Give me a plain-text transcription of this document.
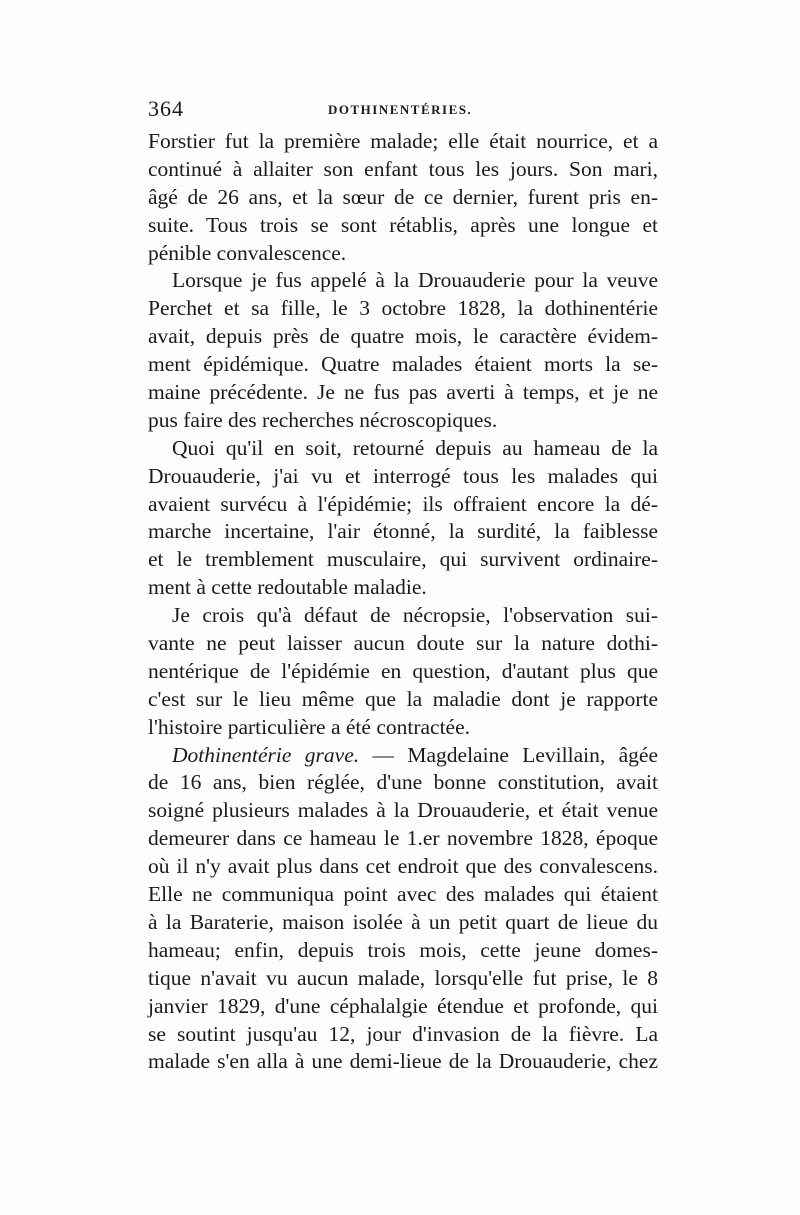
364	DOTHINENTÉRIES.
Forstier fut la première malade; elle était nourrice, et a
continué à allaiter son enfant tous les jours. Son mari,
âgé de 26 ans, et la sœur de ce dernier, furent pris en-
suite. Tous trois se sont rétablis, après une longue et
pénible convalescence.
Lorsque je fus appelé à la Drouauderie pour la veuve
Perchet et sa fille, le 3 octobre 1828, la dothinentérie
avait, depuis près de quatre mois, le caractère évidem-
ment épidémique. Quatre malades étaient morts la se-
maine précédente. Je ne fus pas averti à temps, et je ne
pus faire des recherches nécroscopiques.
Quoi qu'il en soit, retourné depuis au hameau de la
Drouauderie, j'ai vu et interrogé tous les malades qui
avaient survécu à l'épidémie; ils offraient encore la dé-
marche incertaine, l'air étonné, la surdité, la faiblesse
et le tremblement musculaire, qui survivent ordinaire-
ment à cette redoutable maladie.
Je crois qu'à défaut de nécropsie, l'observation sui-
vante ne peut laisser aucun doute sur la nature dothi-
nentérique de l'épidémie en question, d'autant plus que
c'est sur le lieu même que la maladie dont je rapporte
l'histoire particulière a été contractée.
Dothinentérie grave. — Magdelaine Levillain, âgée
de 16 ans, bien réglée, d'une bonne constitution, avait
soigné plusieurs malades à la Drouauderie, et était venue
demeurer dans ce hameau le 1.er novembre 1828, époque
où il n'y avait plus dans cet endroit que des convalescens.
Elle ne communiqua point avec des malades qui étaient
à la Baraterie, maison isolée à un petit quart de lieue du
hameau; enfin, depuis trois mois, cette jeune domes-
tique n'avait vu aucun malade, lorsqu'elle fut prise, le 8
janvier 1829, d'une céphalalgie étendue et profonde, qui
se soutint jusqu'au 12, jour d'invasion de la fièvre. La
malade s'en alla à une demi-lieue de la Drouauderie, chez
